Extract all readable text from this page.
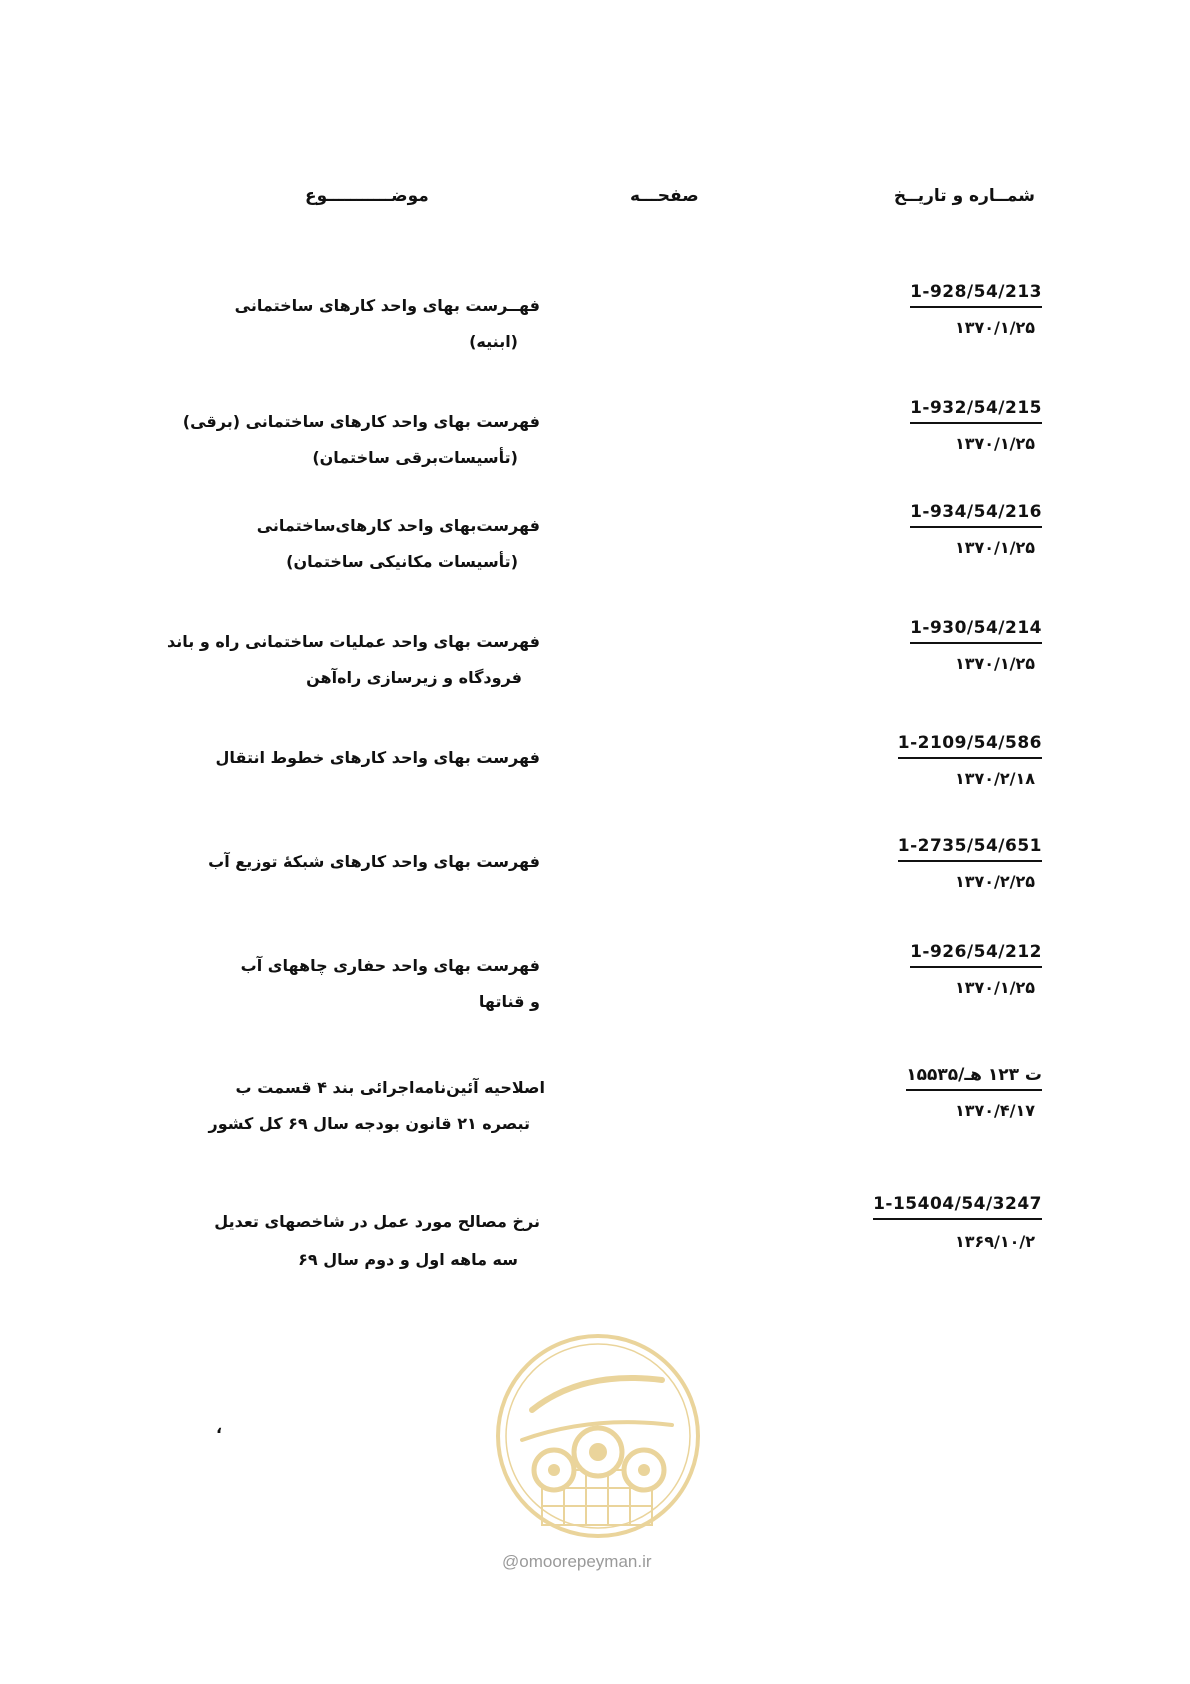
شمــاره و تاریــخ
صفحـــه
موضـــــــــــوع
1-928/54/213
۱۳۷۰/۱/۲۵
فهــرست بهای واحد کارهای ساختمانی
(ابنیه)
1-932/54/215
۱۳۷۰/۱/۲۵
فهرست بهای واحد کارهای ساختمانی (برقی)
(تأسیسات‌برقی ساختمان)
1-934/54/216
۱۳۷۰/۱/۲۵
فهرست‌بهای واحد کارهای‌ساختمانی
(تأسیسات مکانیکی ساختمان)
1-930/54/214
۱۳۷۰/۱/۲۵
فهرست بهای واحد عملیات ساختمانی راه و باند
فرودگاه و زیرسازی راه‌آهن
1-2109/54/586
۱۳۷۰/۲/۱۸
فهرست بهای واحد کارهای خطوط انتقال
1-2735/54/651
۱۳۷۰/۲/۲۵
فهرست بهای واحد کارهای شبکهٔ توزیع آب
1-926/54/212
۱۳۷۰/۱/۲۵
فهرست بهای واحد حفاری چاههای آب
و قناتها
۱۵۵۳۵/ت ۱۲۳ هـ
۱۳۷۰/۴/۱۷
اصلاحیه آئین‌نامه‌اجرائی بند ۴ قسمت ب
تبصره ۲۱ قانون بودجه سال ۶۹ کل کشور
1-15404/54/3247
۱۳۶۹/۱۰/۲
نرخ مصالح مورد عمل در شاخصهای تعدیل
سه ماهه اول و دوم سال ۶۹
،
@omoorepeyman.ir
